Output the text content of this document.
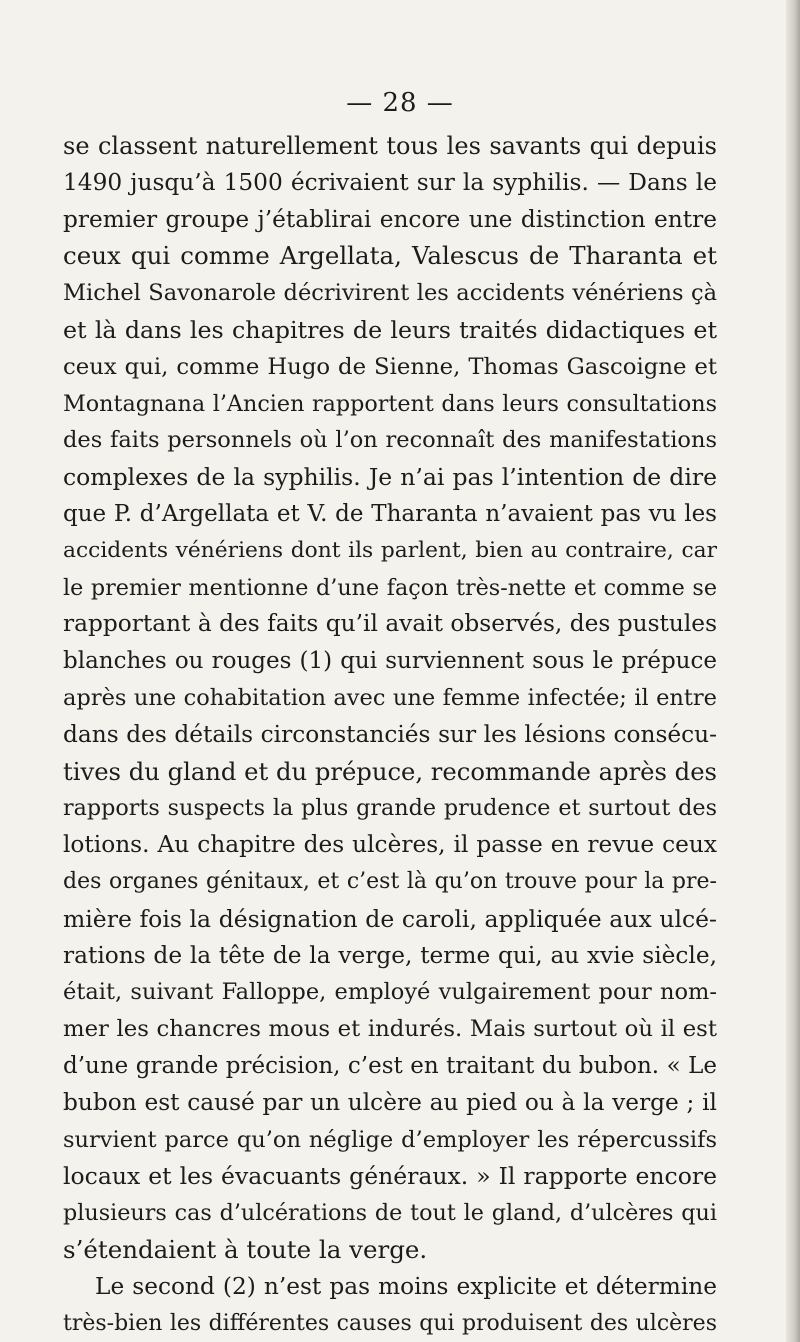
— 28 —
se classent naturellement tous les savants qui depuis
1490 jusqu’à 1500 écrivaient sur la syphilis. — Dans le
premier groupe j’établirai encore une distinction entre
ceux qui comme Argellata, Valescus de Tharanta et
Michel Savonarole décrivirent les accidents vénériens çà
et là dans les chapitres de leurs traités didactiques et
ceux qui, comme Hugo de Sienne, Thomas Gascoigne et
Montagnana l’Ancien rapportent dans leurs consultations
des faits personnels où l’on reconnaît des manifestations
complexes de la syphilis. Je n’ai pas l’intention de dire
que P. d’Argellata et V. de Tharanta n’avaient pas vu les
accidents vénériens dont ils parlent, bien au contraire, car
le premier mentionne d’une façon très-nette et comme se
rapportant à des faits qu’il avait observés, des pustules
blanches ou rouges (1) qui surviennent sous le prépuce
après une cohabitation avec une femme infectée; il entre
dans des détails circonstanciés sur les lésions consécu-
tives du gland et du prépuce, recommande après des
rapports suspects la plus grande prudence et surtout des
lotions. Au chapitre des ulcères, il passe en revue ceux
des organes génitaux, et c’est là qu’on trouve pour la pre-
mière fois la désignation de caroli, appliquée aux ulcé-
rations de la tête de la verge, terme qui, au xvie siècle,
était, suivant Falloppe, employé vulgairement pour nom-
mer les chancres mous et indurés. Mais surtout où il est
d’une grande précision, c’est en traitant du bubon. « Le
bubon est causé par un ulcère au pied ou à la verge ; il
survient parce qu’on néglige d’employer les répercussifs
locaux et les évacuants généraux. » Il rapporte encore
plusieurs cas d’ulcérations de tout le gland, d’ulcères qui
s’étendaient à toute la verge.
Le second (2) n’est pas moins explicite et détermine
très-bien les différentes causes qui produisent des ulcères
